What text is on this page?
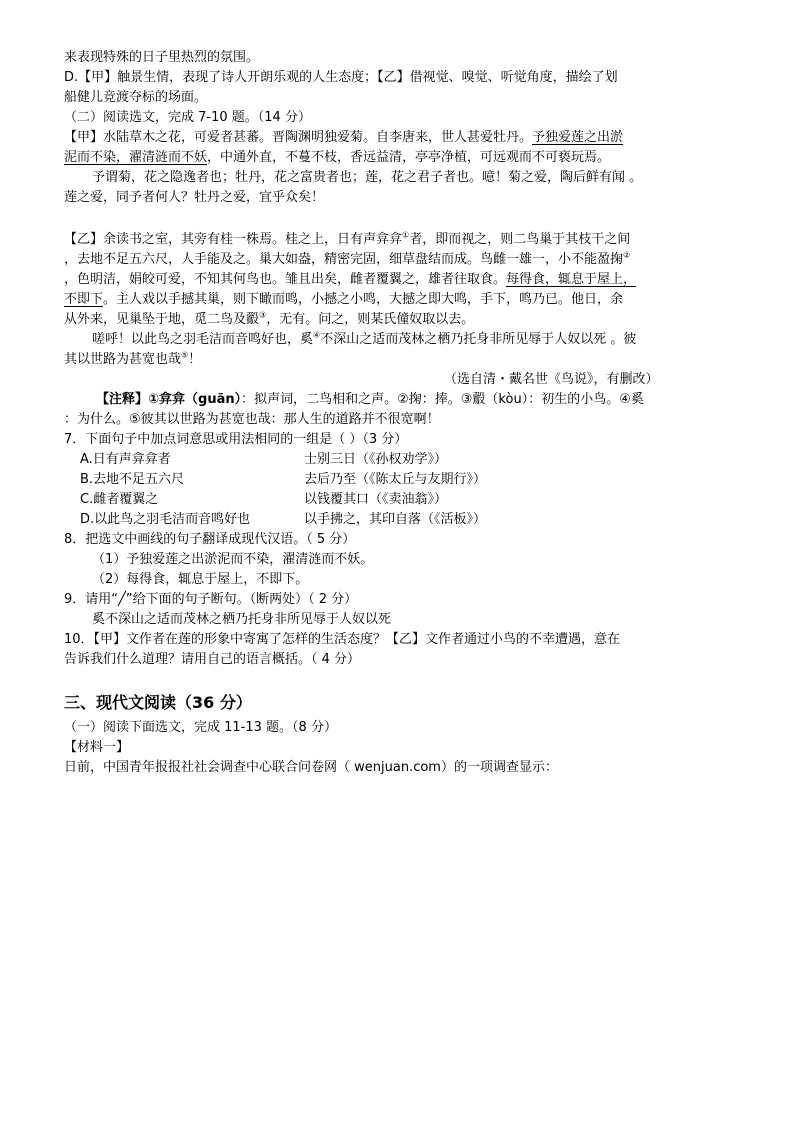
来表现特殊的日子里热烈的氛围。
D.【甲】触景生情，表现了诗人开朗乐观的人生态度；【乙】借视觉、嗅觉、听觉角度，描绘了划
船健儿竞渡夺标的场面。
（二）阅读选文，完成 7-10 题。（14 分）
【甲】水陆草木之花，可爱者甚蕃。晋陶渊明独爱菊。自李唐来，世人甚爱牡丹。予独爱莲之出淤
泥而不染，濯清涟而不妖，中通外直，不蔓不枝，香远益清，亭亭净植，可远观而不可亵玩焉。
予谓菊，花之隐逸者也；牡丹，花之富贵者也；莲，花之君子者也。噫！菊之爱，陶后鲜有闻 。
莲之爱，同予者何人？牡丹之爱，宜乎众矣！
【乙】余读书之室，其旁有桂一株焉。桂之上，日有声弇弇①者，即而视之，则二鸟巢于其枝干之间
，去地不足五六尺，人手能及之。巢大如盎，精密完固，细草盘结而成。鸟雌一雄一，小不能盈掬②
，色明洁，娟皎可爱，不知其何鸟也。雏且出矣，雌者覆翼之，雄者往取食。每得食，辄息于屋上，
不即下。主人戏以手撼其巢，则下瞰而鸣，小撼之小鸣，大撼之即大鸣，手下，鸣乃已。他日，余
从外来，见巢坠于地，觅二鸟及鷇③，无有。问之，则某氏僮奴取以去。
嗟呼！以此鸟之羽毛洁而音鸣好也，奚④不深山之适而茂林之栖乃托身非所见辱于人奴以死 。彼
其以世路为甚宽也哉⑤！
（选自清・戴名世《鸟说》，有删改）
【注释】①弇弇（guān）：拟声词，二鸟相和之声。②掬：捧。③鷇（kòu）：初生的小鸟。④奚
：为什么。⑤彼其以世路为甚宽也哉：那人生的道路并不很宽啊！
7．下面句子中加点词意思或用法相同的一组是（ ）（3 分）
A.日有声弇弇者	士别三日（《孙权劝学》）
B.去地不足五六尺	去后乃至（《陈太丘与友期行》）
C.雌者覆翼之	以钱覆其口（《卖油翁》）
D.以此鸟之羽毛洁而音鸣好也	以手拂之，其印自落（《活板》）
8．把选文中画线的句子翻译成现代汉语。（ 5 分）
（1）予独爱莲之出淤泥而不染，濯清涟而不妖。
（2）每得食，辄息于屋上，不即下。
9．请用“╱”给下面的句子断句。（断两处）（ 2 分）
奚不深山之适而茂林之栖乃托身非所见辱于人奴以死
10．【甲】文作者在莲的形象中寄寓了怎样的生活态度？【乙】文作者通过小鸟的不幸遭遇，意在
告诉我们什么道理？请用自己的语言概括。（ 4 分）
三、现代文阅读（36 分）
（一）阅读下面选文，完成 11-13 题。（8 分）
【材料一】
日前，中国青年报报社社会调查中心联合问卷网（ wenjuan.com）的一项调查显示：
